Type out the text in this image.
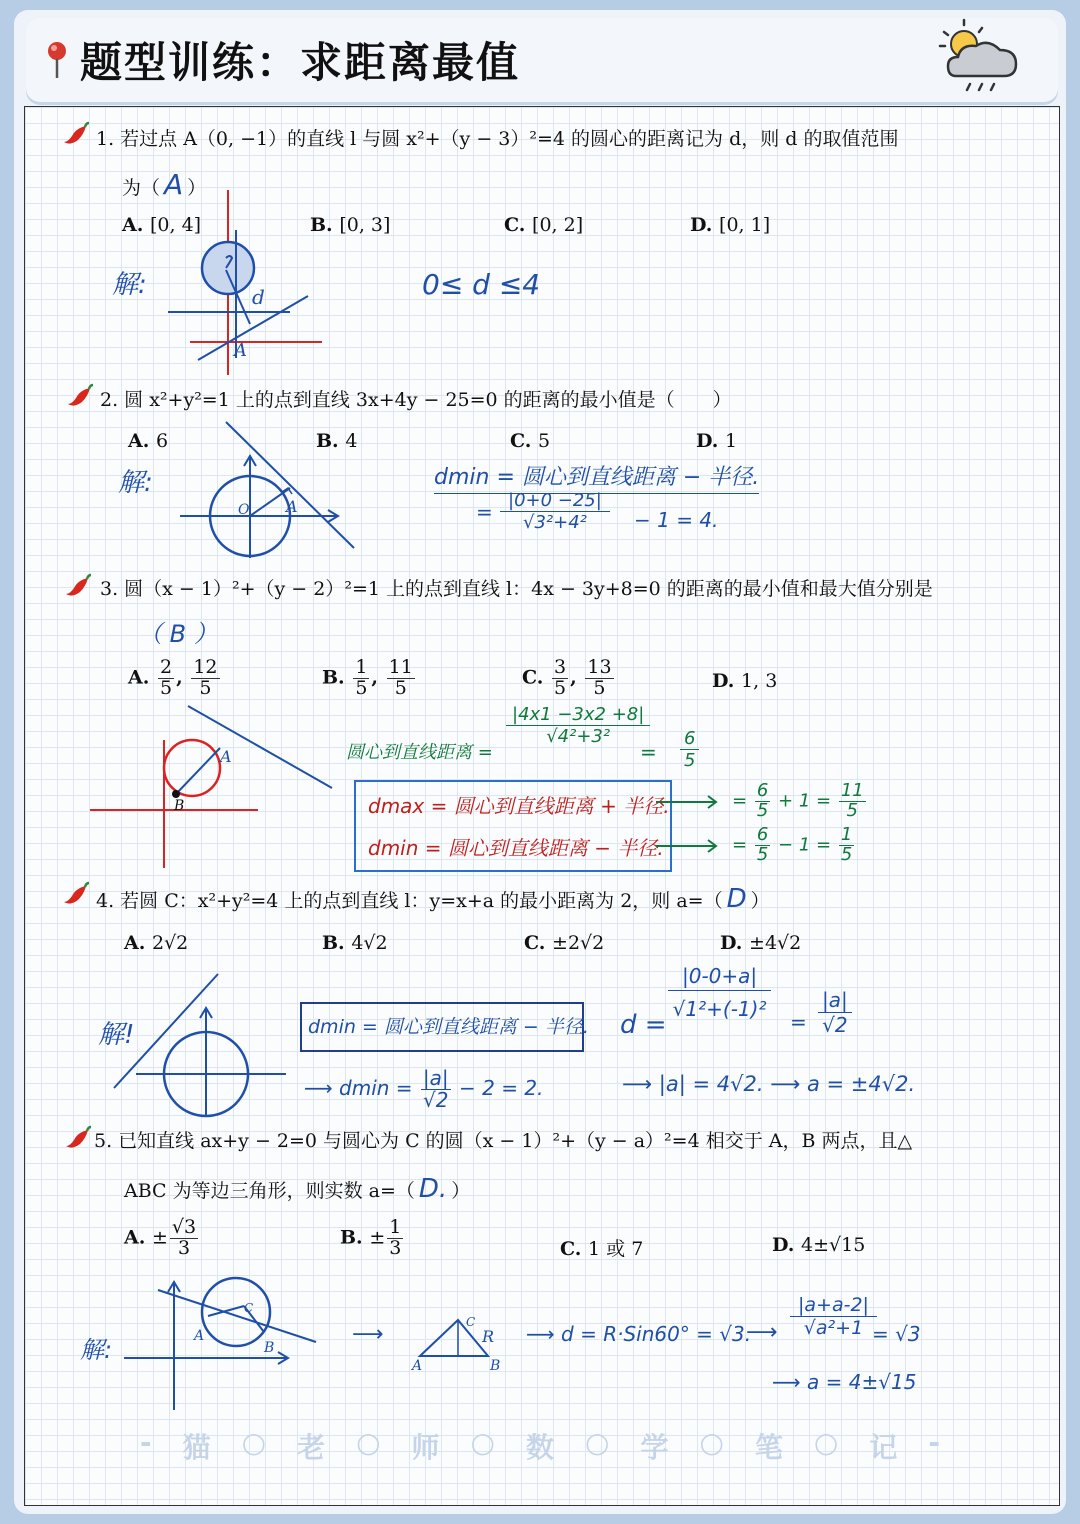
题型训练：求距离最值
1. 若过点 A（0, −1）的直线 l 与圆 x²+（y − 3）²=4 的圆心的距离记为 d，则 d 的取值范围
为（ A ）
A. [0, 4]	B. [0, 3]	C. [0, 2]	D. [0, 1]
解:	d
A
0≤ d ≤4
2. 圆 x²+y²=1 上的点到直线 3x+4y − 25=0 的距离的最小值是（　　）
A. 6	B. 4	C. 5	D. 1
解:
O A
dmin = 圆心到直线距离 − 半径.
= |0+0 −25|
√3²+4²	− 1 = 4.
3. 圆（x − 1）²+（y − 2）²=1 上的点到直线 l：4x − 3y+8=0 的距离的最小值和最大值分别是
（ B ）
A. $\frac{2}{5}$ , $\frac{12}{5}$	B. $\frac{1}{5}$ , $\frac{11}{5}$	C. $\frac{3}{5}$ , $\frac{13}{5}$	D. 1, 3
A
B
圆心到直线距离 =
|4x1 −3x2 +8|
√4²+3²
=
6
5
dmax = 圆心到直线距离 + 半径.
dmin = 圆心到直线距离 − 半径.
= $\frac{6}{5} + 1 = \frac{11}{5}$
= $\frac{6}{5} - 1 = \frac{1}{5}$
4. 若圆 C：x²+y²=4 上的点到直线 l：y=x+a 的最小距离为 2，则 a=（ D ）
A. 2√2	B. 4√2	C. ±2√2	D. ±4√2
解!	dmin = 圆心到直线距离 − 半径. d =
|0-0+a|
√1²+(-1)²
=
|a|
√2
⟶ $dmin = \frac{|a|}{√2} - 2 = 2$.	⟶ |a| = 4√2. ⟶ a = ±4√2.
5. 已知直线 ax+y − 2=0 与圆心为 C 的圆（x − 1）²+（y − a）²=4 相交于 A，B 两点，且△
ABC 为等边三角形，则实数 a=（ D. ）
A. ± $\frac{√3}{3}$	B. ± $\frac{1}{3}$	C. 1 或 7	D. 4±√15
解:	A
B
C
⟶
A	B
C
R ⟶ d = R·Sin60° = √3.
⟶
|a+a-2|
√a²+1 = √3
⟶ a = 4±√15
- 猫 ○ 老 ○ 师 ○ 数 ○ 学 ○ 笔 ○ 记 -
